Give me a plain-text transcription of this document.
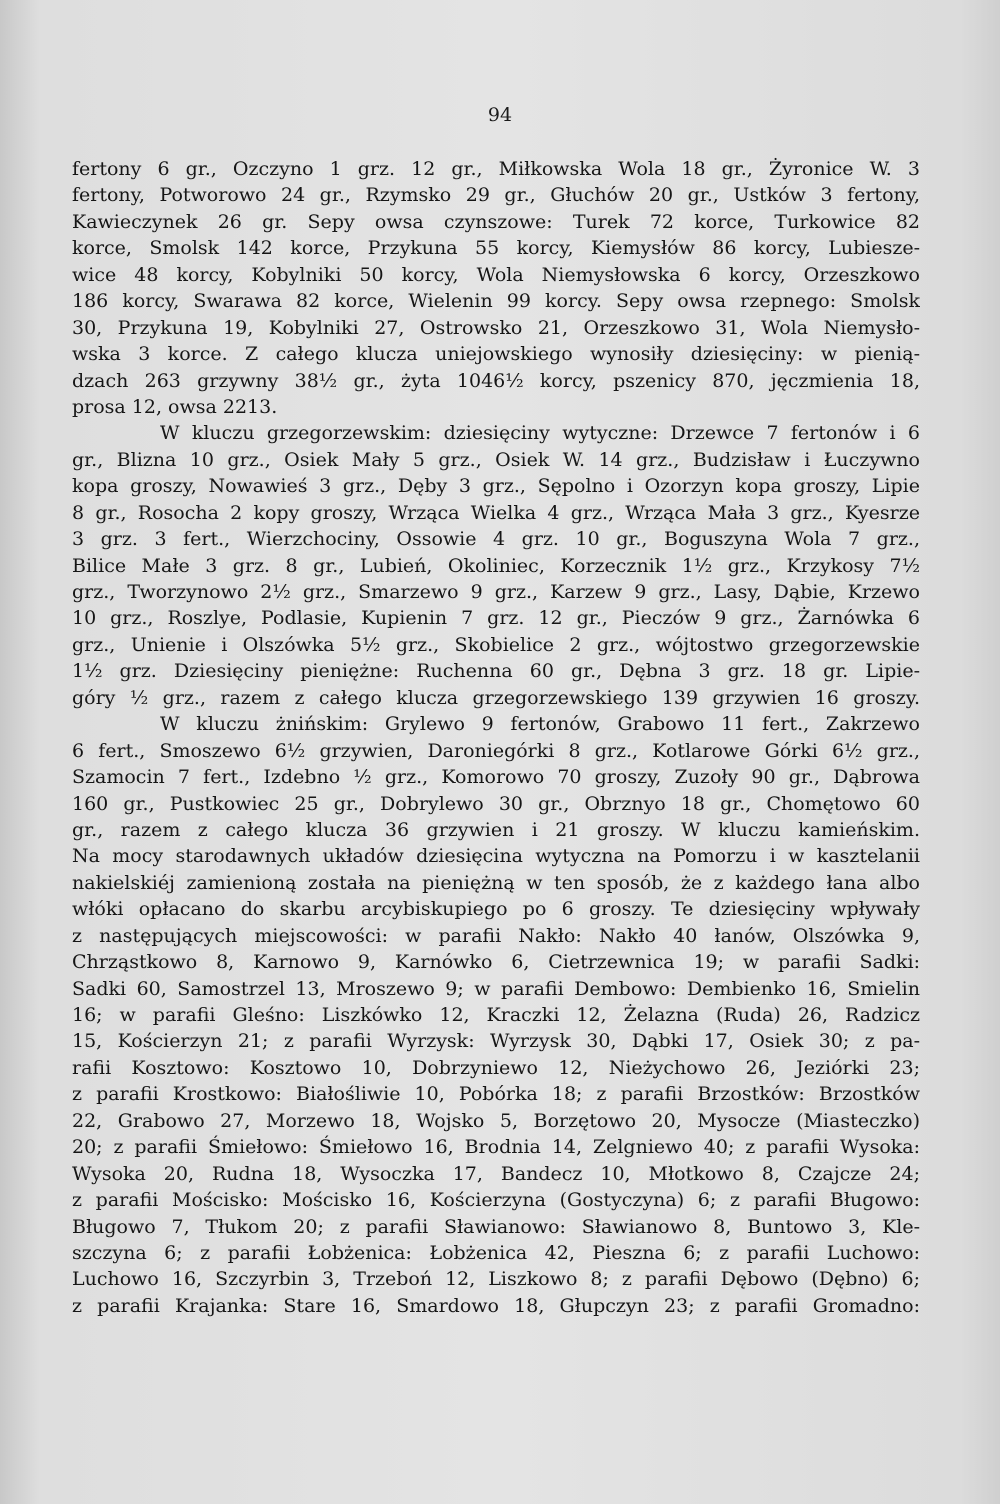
94
fertony 6 gr., Ozczyno 1 grz. 12 gr., Miłkowska Wola 18 gr., Żyronice W. 3
fertony, Potworowo 24 gr., Rzymsko 29 gr., Głuchów 20 gr., Ustków 3 fertony,
Kawieczynek 26 gr. Sepy owsa czynszowe: Turek 72 korce, Turkowice 82
korce, Smolsk 142 korce, Przykuna 55 korcy, Kiemysłów 86 korcy, Lubiesze-
wice 48 korcy, Kobylniki 50 korcy, Wola Niemysłowska 6 korcy, Orzeszkowo
186 korcy, Swarawa 82 korce, Wielenin 99 korcy. Sepy owsa rzepnego: Smolsk
30, Przykuna 19, Kobylniki 27, Ostrowsko 21, Orzeszkowo 31, Wola Niemysło-
wska 3 korce. Z całego klucza uniejowskiego wynosiły dziesięciny: w pienią-
dzach 263 grzywny 38½ gr., żyta 1046½ korcy, pszenicy 870, jęczmienia 18,
prosa 12, owsa 2213.
W kluczu grzegorzewskim: dziesięciny wytyczne: Drzewce 7 fertonów i 6
gr., Blizna 10 grz., Osiek Mały 5 grz., Osiek W. 14 grz., Budzisław i Łuczywno
kopa groszy, Nowawieś 3 grz., Dęby 3 grz., Sępolno i Ozorzyn kopa groszy, Lipie
8 gr., Rosocha 2 kopy groszy, Wrząca Wielka 4 grz., Wrząca Mała 3 grz., Kyesrze
3 grz. 3 fert., Wierzchociny, Ossowie 4 grz. 10 gr., Boguszyna Wola 7 grz.,
Bilice Małe 3 grz. 8 gr., Lubień, Okoliniec, Korzecznik 1½ grz., Krzykosy 7½
grz., Tworzynowo 2½ grz., Smarzewo 9 grz., Karzew 9 grz., Lasy, Dąbie, Krzewo
10 grz., Roszlye, Podlasie, Kupienin 7 grz. 12 gr., Pieczów 9 grz., Żarnówka 6
grz., Unienie i Olszówka 5½ grz., Skobielice 2 grz., wójtostwo grzegorzewskie
1½ grz. Dziesięciny pieniężne: Ruchenna 60 gr., Dębna 3 grz. 18 gr. Lipie-
góry ½ grz., razem z całego klucza grzegorzewskiego 139 grzywien 16 groszy.
W kluczu żnińskim: Grylewo 9 fertonów, Grabowo 11 fert., Zakrzewo
6 fert., Smoszewo 6½ grzywien, Daroniegórki 8 grz., Kotlarowe Górki 6½ grz.,
Szamocin 7 fert., Izdebno ½ grz., Komorowo 70 groszy, Zuzoły 90 gr., Dąbrowa
160 gr., Pustkowiec 25 gr., Dobrylewo 30 gr., Obrznyo 18 gr., Chomętowo 60
gr., razem z całego klucza 36 grzywien i 21 groszy. W kluczu kamieńskim.
Na mocy starodawnych układów dziesięcina wytyczna na Pomorzu i w kasztelanii
nakielskiéj zamienioną została na pieniężną w ten sposób, że z każdego łana albo
włóki opłacano do skarbu arcybiskupiego po 6 groszy. Te dziesięciny wpływały
z następujących miejscowości: w parafii Nakło: Nakło 40 łanów, Olszówka 9,
Chrząstkowo 8, Karnowo 9, Karnówko 6, Cietrzewnica 19; w parafii Sadki:
Sadki 60, Samostrzel 13, Mroszewo 9; w parafii Dembowo: Dembienko 16, Smielin
16; w parafii Gleśno: Liszkówko 12, Kraczki 12, Żelazna (Ruda) 26, Radzicz
15, Kościerzyn 21; z parafii Wyrzysk: Wyrzysk 30, Dąbki 17, Osiek 30; z pa-
rafii Kosztowo: Kosztowo 10, Dobrzyniewo 12, Nieżychowo 26, Jeziórki 23;
z parafii Krostkowo: Białośliwie 10, Pobórka 18; z parafii Brzostków: Brzostków
22, Grabowo 27, Morzewo 18, Wojsko 5, Borzętowo 20, Mysocze (Miasteczko)
20; z parafii Śmiełowo: Śmiełowo 16, Brodnia 14, Zelgniewo 40; z parafii Wysoka:
Wysoka 20, Rudna 18, Wysoczka 17, Bandecz 10, Młotkowo 8, Czajcze 24;
z parafii Mościsko: Mościsko 16, Kościerzyna (Gostyczyna) 6; z parafii Bługowo:
Bługowo 7, Tłukom 20; z parafii Sławianowo: Sławianowo 8, Buntowo 3, Kle-
szczyna 6; z parafii Łobżenica: Łobżenica 42, Pieszna 6; z parafii Luchowo:
Luchowo 16, Szczyrbin 3, Trzeboń 12, Liszkowo 8; z parafii Dębowo (Dębno) 6;
z parafii Krajanka: Stare 16, Smardowo 18, Głupczyn 23; z parafii Gromadno:
